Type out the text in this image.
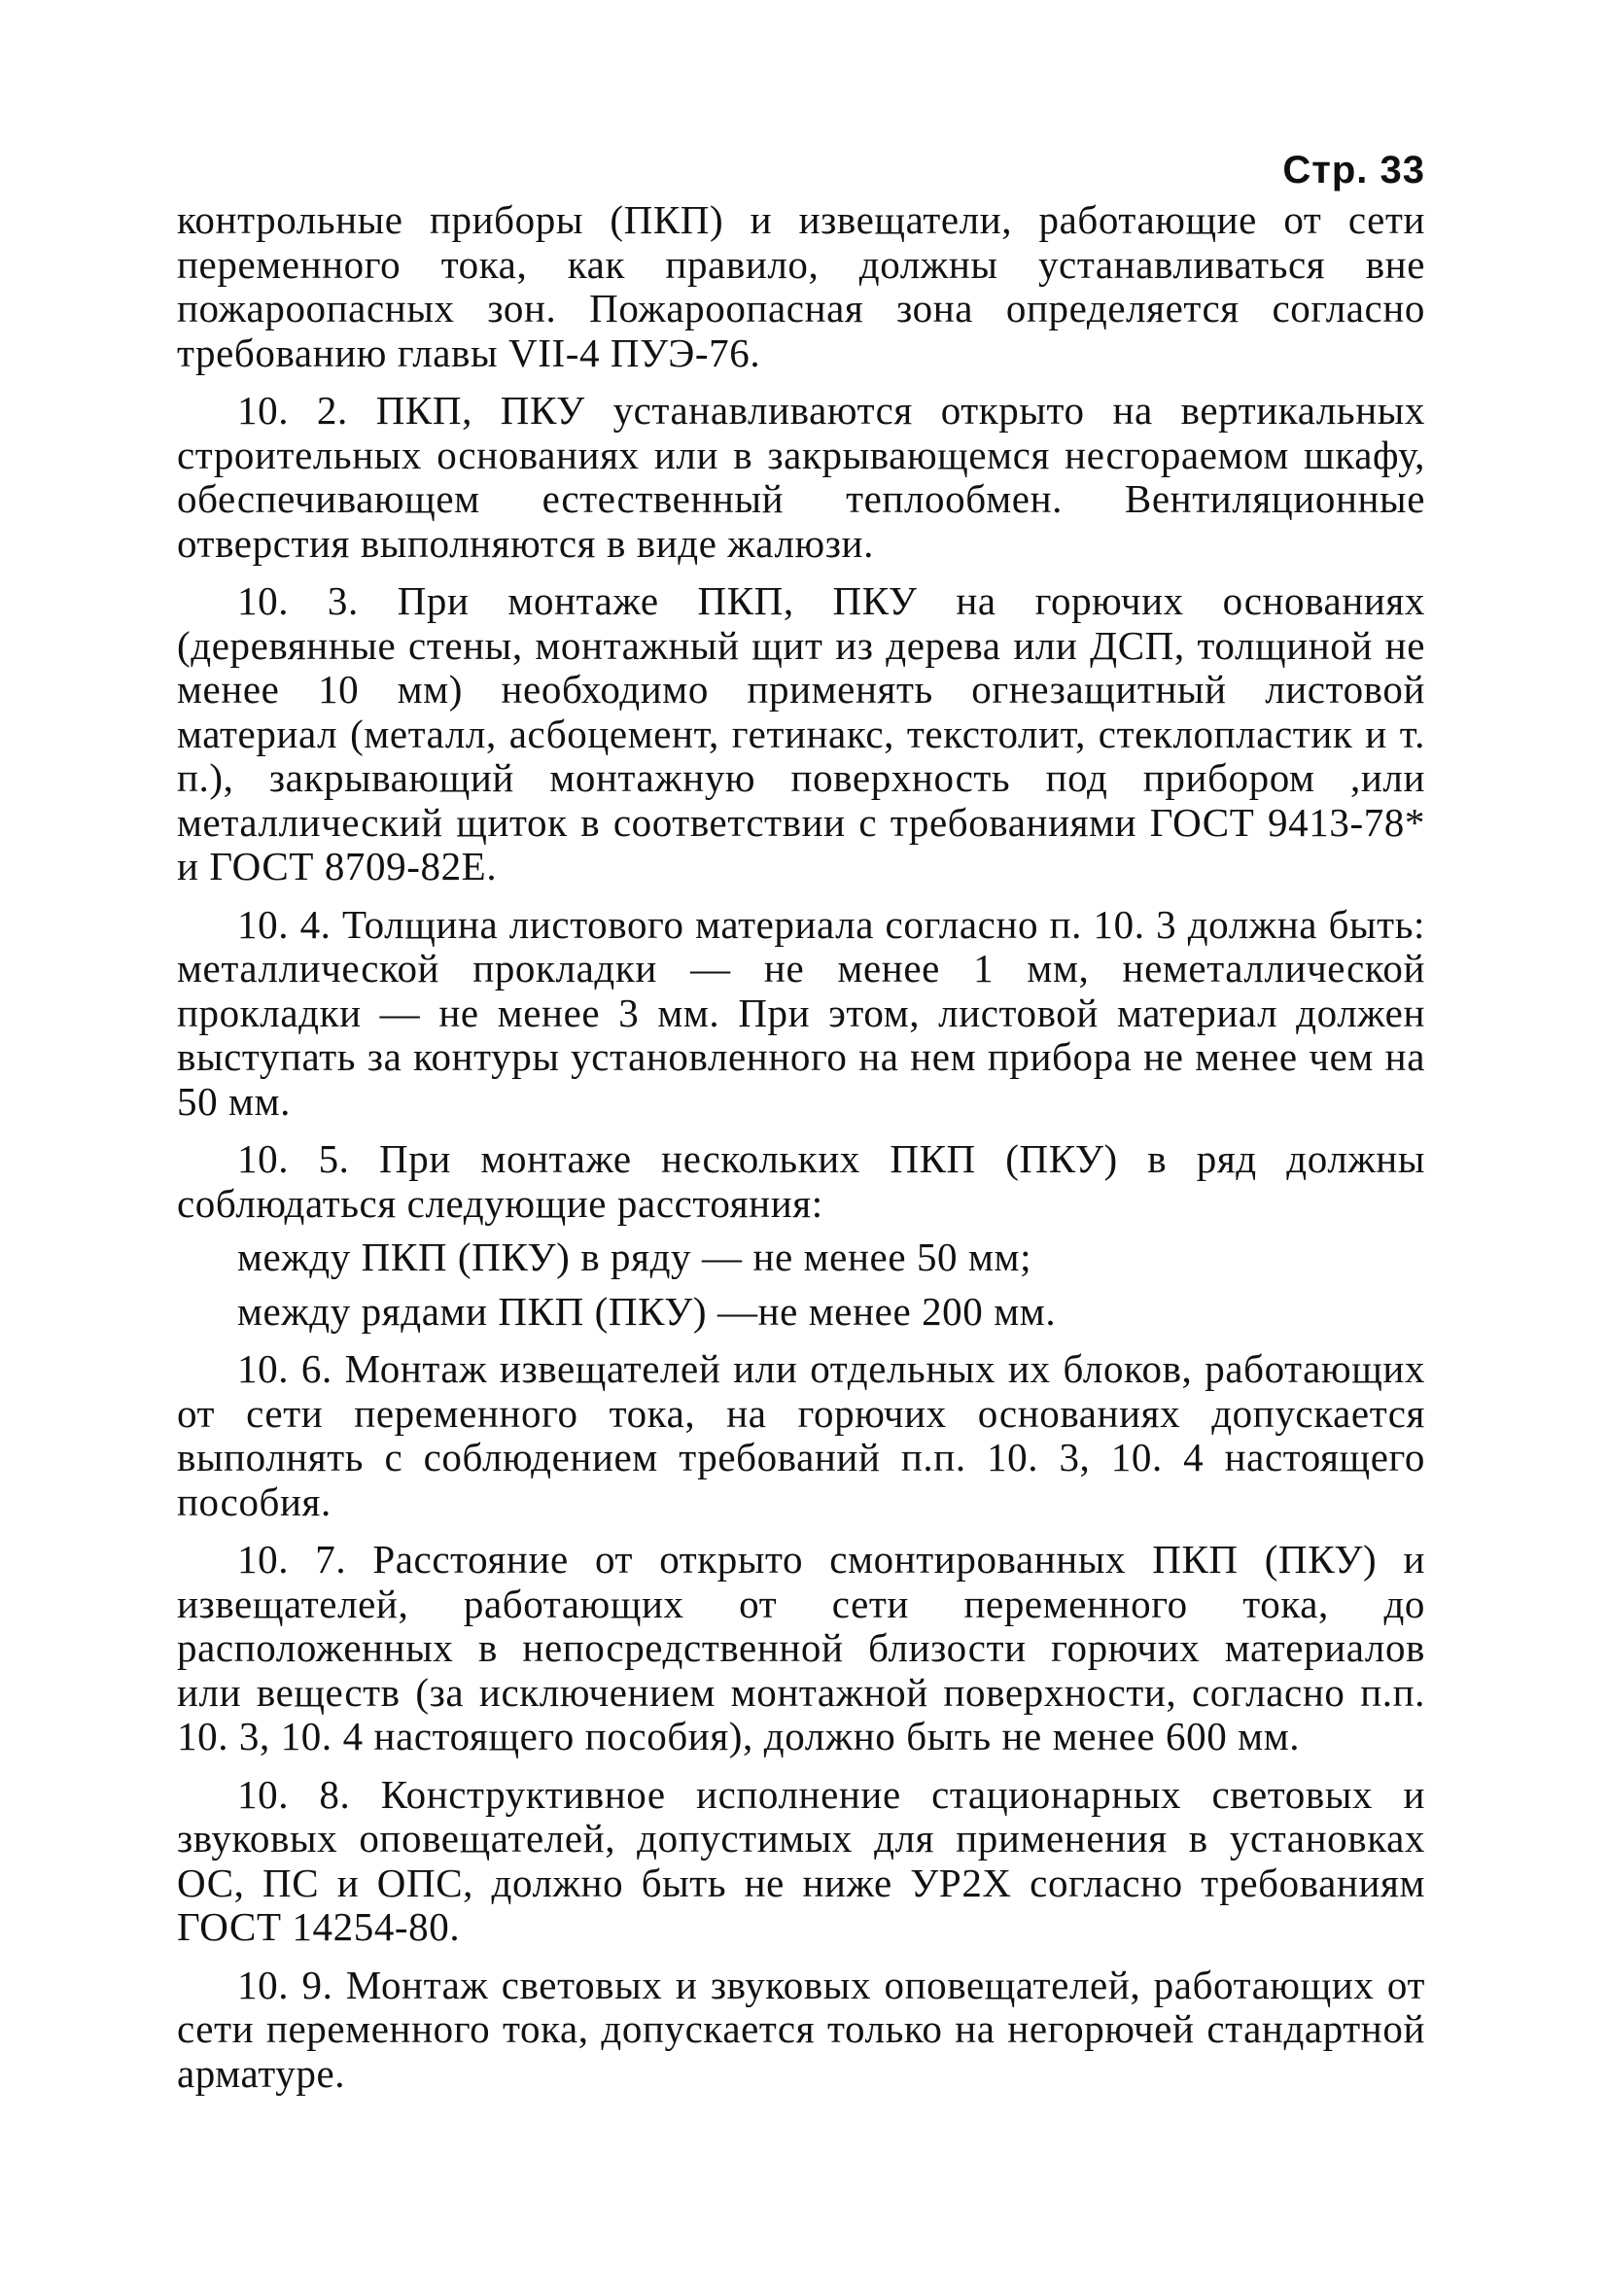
Стр. 33

контрольные приборы (ПКП) и извещатели, работающие от сети переменного тока, как правило, должны устанавливаться вне пожароопасных зон. Пожароопасная зона определяется согласно требованию главы VII-4 ПУЭ-76.

10. 2. ПКП, ПКУ устанавливаются открыто на вертикальных строительных основаниях или в закрывающемся несгораемом шкафу, обеспечивающем естественный теплообмен. Вентиляционные отверстия выполняются в виде жалюзи.

10. 3. При монтаже ПКП, ПКУ на горючих основаниях (деревянные стены, монтажный щит из дерева или ДСП, толщиной не менее 10 мм) необходимо применять огнезащитный листовой материал (металл, асбоцемент, гетинакс, текстолит, стеклопластик и т. п.), закрывающий монтажную поверхность под прибором ,или металлический щиток в соответствии с требованиями ГОСТ 9413-78* и ГОСТ 8709-82Е.

10. 4. Толщина листового материала согласно п. 10. 3 должна быть: металлической прокладки — не менее 1 мм, неметаллической прокладки — не менее 3 мм. При этом, листовой материал должен выступать за контуры установленного на нем прибора не менее чем на 50 мм.

10. 5. При монтаже нескольких ПКП (ПКУ) в ряд должны соблюдаться следующие расстояния:

между ПКП (ПКУ) в ряду — не менее 50 мм;
между рядами ПКП (ПКУ) —не менее 200 мм.

10. 6. Монтаж извещателей или отдельных их блоков, работающих от сети переменного тока, на горючих основаниях допускается выполнять с соблюдением требований п.п. 10. 3, 10. 4 настоящего пособия.

10. 7. Расстояние от открыто смонтированных ПКП (ПКУ) и извещателей, работающих от сети переменного тока, до расположенных в непосредственной близости горючих материалов или веществ (за исключением монтажной поверхности, согласно п.п. 10. 3, 10. 4 настоящего пособия), должно быть не менее 600 мм.

10. 8. Конструктивное исполнение стационарных световых и звуковых оповещателей, допустимых для применения в установках ОС, ПС и ОПС, должно быть не ниже УР2Х согласно требованиям ГОСТ 14254-80.

10. 9. Монтаж световых и звуковых оповещателей, работающих от сети переменного тока, допускается только на негорючей стандартной арматуре.
